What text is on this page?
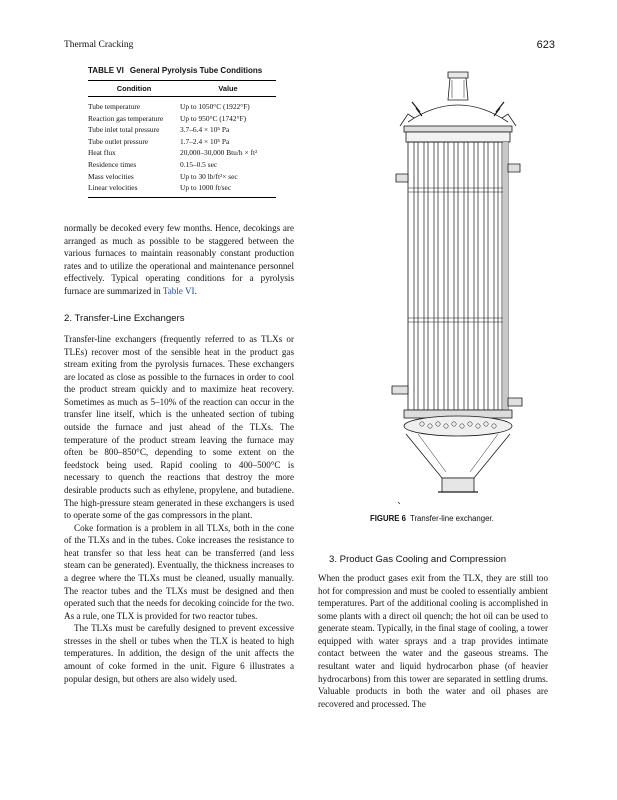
Thermal Cracking	623
TABLE VI General Pyrolysis Tube Conditions
Condition	Value
Tube temperature	Up to 1050°C (1922°F)
Reaction gas temperature	Up to 950°C (1742°F)
Tube inlet total pressure	3.7–6.4 × 10⁵ Pa
Tube outlet pressure	1.7–2.4 × 10⁵ Pa
Heat flux	20,000–30,000 Btu/h × ft²
Residence times	0.15–0.5 sec
Mass velocities	Up to 30 lb/ft²× sec
Linear velocities	Up to 1000 ft/sec

normally be decoked every few months. Hence, decokings are arranged as much as possible to be staggered between the various furnaces to maintain reasonably constant production rates and to utilize the operational and maintenance personnel effectively. Typical operating conditions for a pyrolysis furnace are summarized in Table VI.

2. Transfer-Line Exchangers

Transfer-line exchangers (frequently referred to as TLXs or TLEs) recover most of the sensible heat in the product gas stream exiting from the pyrolysis furnaces. These exchangers are located as close as possible to the furnaces in order to cool the product stream quickly and to maximize heat recovery. Sometimes as much as 5–10% of the reaction can occur in the transfer line itself, which is the unheated section of tubing outside the furnace and just ahead of the TLXs. The temperature of the product stream leaving the furnace may often be 800–850°C, depending to some extent on the feedstock being used. Rapid cooling to 400–500°C is necessary to quench the reactions that destroy the more desirable products such as ethylene, propylene, and butadiene. The high-pressure steam generated in these exchangers is used to operate some of the gas compressors in the plant.

Coke formation is a problem in all TLXs, both in the cone of the TLXs and in the tubes. Coke increases the resistance to heat transfer so that less heat can be transferred (and less steam can be generated). Eventually, the thickness increases to a degree where the TLXs must be cleaned, usually manually. The reactor tubes and the TLXs must be designed and then operated such that the needs for decoking coincide for the two. As a rule, one TLX is provided for two reactor tubes.

The TLXs must be carefully designed to prevent excessive stresses in the shell or tubes when the TLX is heated to high temperatures. In addition, the design of the unit affects the amount of coke formed in the unit. Figure 6 illustrates a popular design, but others are also widely used.

FIGURE 6 Transfer-line exchanger.
3. Product Gas Cooling and Compression

When the product gases exit from the TLX, they are still too hot for compression and must be cooled to essentially ambient temperatures. Part of the additional cooling is accomplished in some plants with a direct oil quench; the hot oil can be used to generate steam. Typically, in the final stage of cooling, a tower equipped with water sprays and a trap provides intimate contact between the water and the gaseous streams. The resultant water and liquid hydrocarbon phase (of heavier hydrocarbons) from this tower are separated in settling drums. Valuable products in both the water and oil phases are recovered and processed. The
